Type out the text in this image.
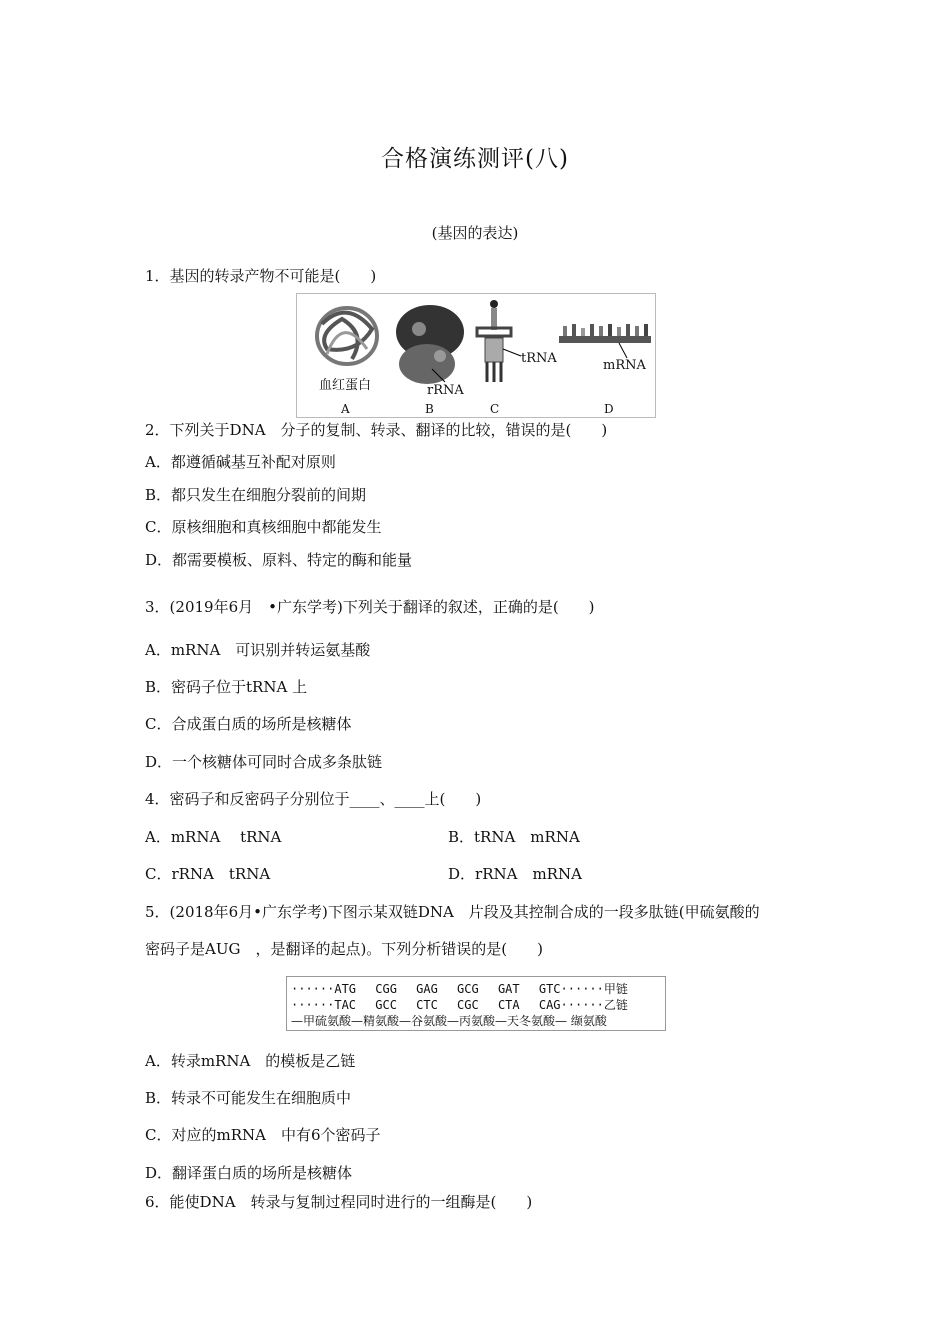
合格演练测评(八)
(基因的表达)
1．基因的转录产物不可能是(　　)
血红蛋白	rRNA
tRNA	mRNA
A	B	C	D
2．下列关于DNA　分子的复制、转录、翻译的比较，错误的是(　　)
A．都遵循碱基互补配对原则
B．都只发生在细胞分裂前的间期
C．原核细胞和真核细胞中都能发生
D．都需要模板、原料、特定的酶和能量
3．(2019年6月　•广东学考)下列关于翻译的叙述，正确的是(　　)
A．mRNA　可识别并转运氨基酸
B．密码子位于tRNA 上
C．合成蛋白质的场所是核糖体
D．一个核糖体可同时合成多条肽链
4．密码子和反密码子分别位于____、____上(　　)
A．mRNA　 tRNA	B．tRNA　mRNA
C．rRNA　tRNA	D．rRNA　mRNA
5．(2018年6月•广东学考)下图示某双链DNA　片段及其控制合成的一段多肽链(甲硫氨酸的
密码子是AUG　，是翻译的起点)。下列分析错误的是(　　)
······ATG　 CGG　 GAG　 GCG　 GAT　 GTC······甲链
······TAC　 GCC　 CTC　 CGC　 CTA　 CAG······乙链
—甲硫氨酸—精氨酸—谷氨酸—丙氨酸—天冬氨酸— 缬氨酸
A．转录mRNA　的模板是乙链
B．转录不可能发生在细胞质中
C．对应的mRNA　中有6个密码子
D．翻译蛋白质的场所是核糖体
6．能使DNA　转录与复制过程同时进行的一组酶是(　　)
